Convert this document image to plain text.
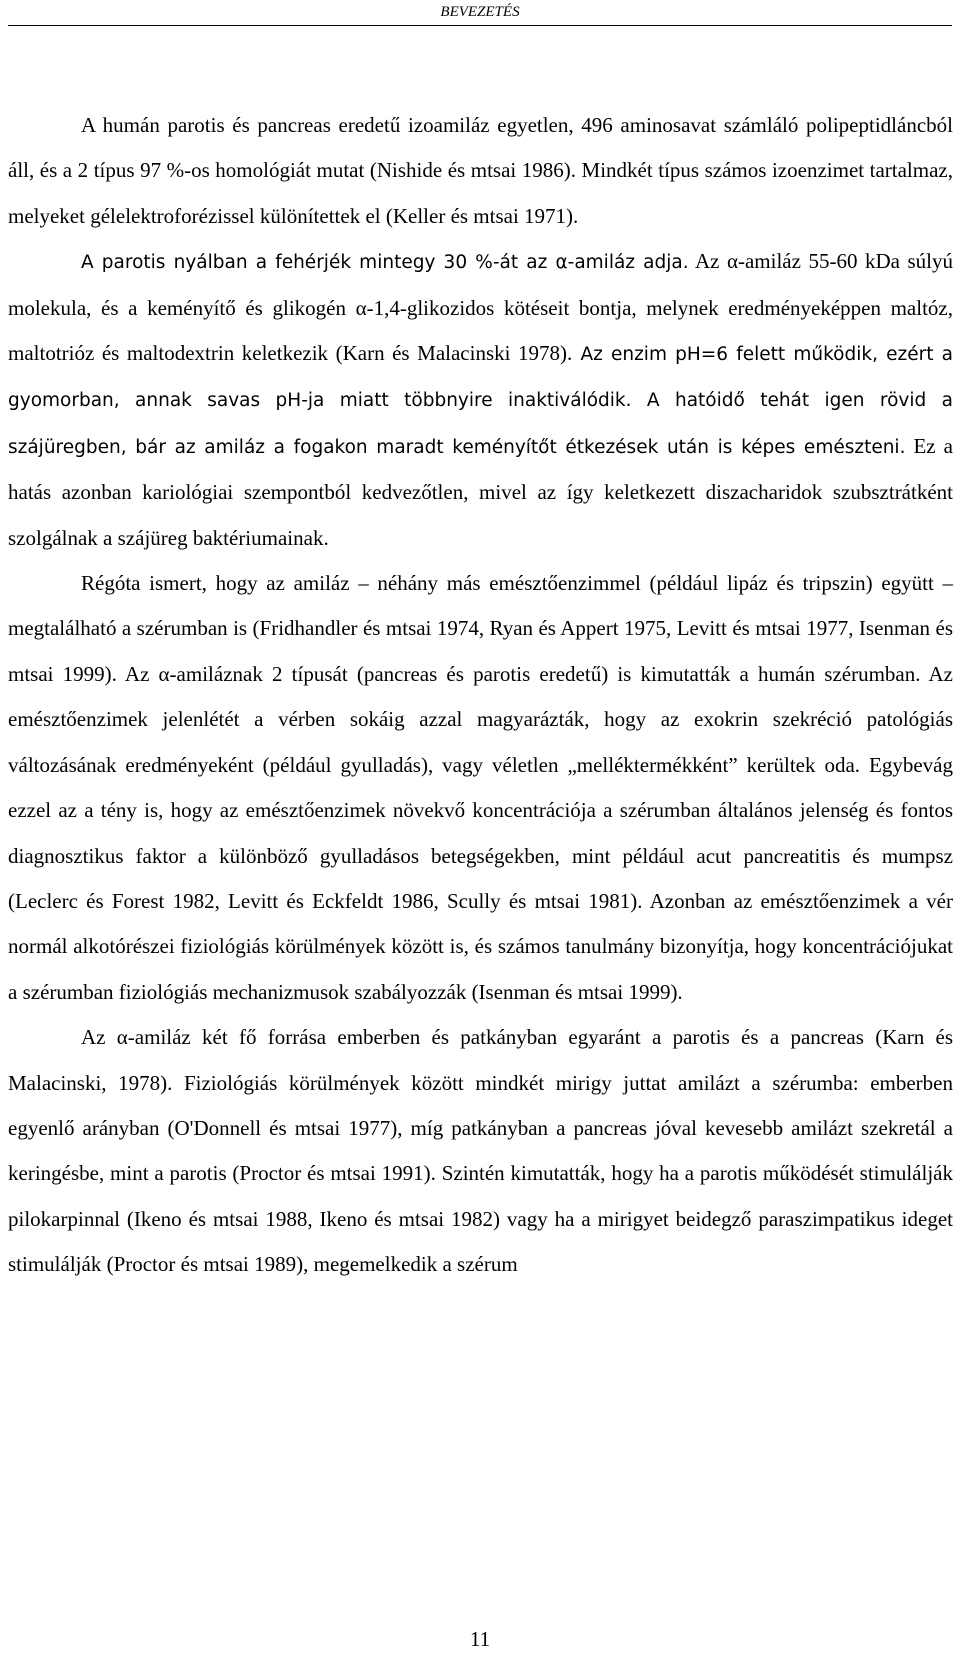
BEVEZETÉS

A humán parotis és pancreas eredetű izoamiláz egyetlen, 496 aminosavat számláló polipeptidláncból áll, és a 2 típus 97 %-os homológiát mutat (Nishide és mtsai 1986). Mindkét típus számos izoenzimet tartalmaz, melyeket gélelektroforézissel különítettek el (Keller és mtsai 1971).

A parotis nyálban a fehérjék mintegy 30 %-át az α-amiláz adja. Az α-amiláz 55-60 kDa súlyú molekula, és a keményítő és glikogén α-1,4-glikozidos kötéseit bontja, melynek eredményeképpen maltóz, maltotrióz és maltodextrin keletkezik (Karn és Malacinski 1978). Az enzim pH=6 felett működik, ezért a gyomorban, annak savas pH-ja miatt többnyire inaktiválódik. A hatóidő tehát igen rövid a szájüregben, bár az amiláz a fogakon maradt keményítőt étkezések után is képes emészteni. Ez a hatás azonban kariológiai szempontból kedvezőtlen, mivel az így keletkezett diszacharidok szubsztrátként szolgálnak a szájüreg baktériumainak.

Régóta ismert, hogy az amiláz – néhány más emésztőenzimmel (például lipáz és tripszin) együtt – megtalálható a szérumban is (Fridhandler és mtsai 1974, Ryan és Appert 1975, Levitt és mtsai 1977, Isenman és mtsai 1999). Az α-amiláznak 2 típusát (pancreas és parotis eredetű) is kimutatták a humán szérumban. Az emésztőenzimek jelenlétét a vérben sokáig azzal magyarázták, hogy az exokrin szekréció patológiás változásának eredményeként (például gyulladás), vagy véletlen „melléktermékként” kerültek oda. Egybevág ezzel az a tény is, hogy az emésztőenzimek növekvő koncentrációja a szérumban általános jelenség és fontos diagnosztikus faktor a különböző gyulladásos betegségekben, mint például acut pancreatitis és mumpsz (Leclerc és Forest 1982, Levitt és Eckfeldt 1986, Scully és mtsai 1981). Azonban az emésztőenzimek a vér normál alkotórészei fiziológiás körülmények között is, és számos tanulmány bizonyítja, hogy koncentrációjukat a szérumban fiziológiás mechanizmusok szabályozzák (Isenman és mtsai 1999).

Az α-amiláz két fő forrása emberben és patkányban egyaránt a parotis és a pancreas (Karn és Malacinski, 1978). Fiziológiás körülmények között mindkét mirigy juttat amilázt a szérumba: emberben egyenlő arányban (O'Donnell és mtsai 1977), míg patkányban a pancreas jóval kevesebb amilázt szekretál a keringésbe, mint a parotis (Proctor és mtsai 1991). Szintén kimutatták, hogy ha a parotis működését stimulálják pilokarpinnal (Ikeno és mtsai 1988, Ikeno és mtsai 1982) vagy ha a mirigyet beidegző paraszimpatikus ideget stimulálják (Proctor és mtsai 1989), megemelkedik a szérum

11
